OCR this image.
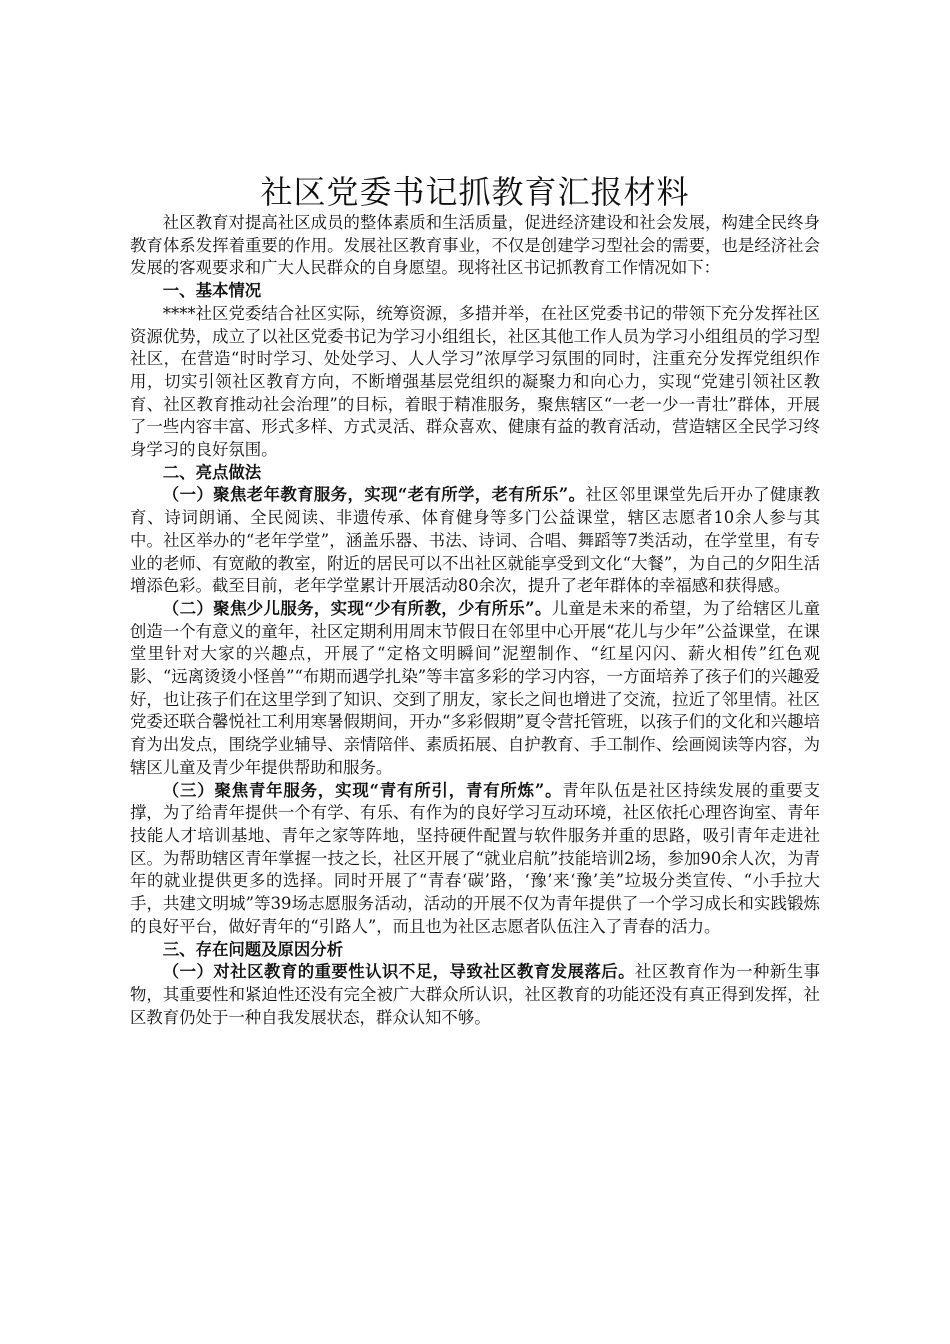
社区党委书记抓教育汇报材料

社区教育对提高社区成员的整体素质和生活质量，促进经济建设和社会发展，构建全民终身教育体系发挥着重要的作用。发展社区教育事业，不仅是创建学习型社会的需要，也是经济社会发展的客观要求和广大人民群众的自身愿望。现将社区书记抓教育工作情况如下：

一、基本情况

****社区党委结合社区实际，统筹资源，多措并举，在社区党委书记的带领下充分发挥社区资源优势，成立了以社区党委书记为学习小组组长，社区其他工作人员为学习小组组员的学习型社区，在营造“时时学习、处处学习、人人学习”浓厚学习氛围的同时，注重充分发挥党组织作用，切实引领社区教育方向，不断增强基层党组织的凝聚力和向心力，实现“党建引领社区教育、社区教育推动社会治理”的目标，着眼于精准服务，聚焦辖区“一老一少一青壮”群体，开展了一些内容丰富、形式多样、方式灵活、群众喜欢、健康有益的教育活动，营造辖区全民学习终身学习的良好氛围。

二、亮点做法

（一）聚焦老年教育服务，实现“老有所学，老有所乐”。社区邻里课堂先后开办了健康教育、诗词朗诵、全民阅读、非遗传承、体育健身等多门公益课堂，辖区志愿者10余人参与其中。社区举办的“老年学堂”，涵盖乐器、书法、诗词、合唱、舞蹈等7类活动，在学堂里，有专业的老师、有宽敞的教室，附近的居民可以不出社区就能享受到文化“大餐”，为自己的夕阳生活增添色彩。截至目前，老年学堂累计开展活动80余次，提升了老年群体的幸福感和获得感。

（二）聚焦少儿服务，实现“少有所教，少有所乐”。儿童是未来的希望，为了给辖区儿童创造一个有意义的童年，社区定期利用周末节假日在邻里中心开展“花儿与少年”公益课堂，在课堂里针对大家的兴趣点，开展了“定格文明瞬间”泥塑制作、“红星闪闪、薪火相传”红色观影、“远离烫烫小怪兽”“布期而遇学扎染”等丰富多彩的学习内容，一方面培养了孩子们的兴趣爱好，也让孩子们在这里学到了知识、交到了朋友，家长之间也增进了交流，拉近了邻里情。社区党委还联合馨悦社工利用寒暑假期间，开办“多彩假期”夏令营托管班，以孩子们的文化和兴趣培育为出发点，围绕学业辅导、亲情陪伴、素质拓展、自护教育、手工制作、绘画阅读等内容，为辖区儿童及青少年提供帮助和服务。

（三）聚焦青年服务，实现“青有所引，青有所炼”。青年队伍是社区持续发展的重要支撑，为了给青年提供一个有学、有乐、有作为的良好学习互动环境，社区依托心理咨询室、青年技能人才培训基地、青年之家等阵地，坚持硬件配置与软件服务并重的思路，吸引青年走进社区。为帮助辖区青年掌握一技之长，社区开展了“就业启航”技能培训2场，参加90余人次，为青年的就业提供更多的选择。同时开展了“青春‘碳’路，‘豫’来‘豫’美”垃圾分类宣传、“小手拉大手，共建文明城”等39场志愿服务活动，活动的开展不仅为青年提供了一个学习成长和实践锻炼的良好平台，做好青年的“引路人”，而且也为社区志愿者队伍注入了青春的活力。

三、存在问题及原因分析

（一）对社区教育的重要性认识不足，导致社区教育发展落后。社区教育作为一种新生事物，其重要性和紧迫性还没有完全被广大群众所认识，社区教育的功能还没有真正得到发挥，社区教育仍处于一种自我发展状态，群众认知不够。
